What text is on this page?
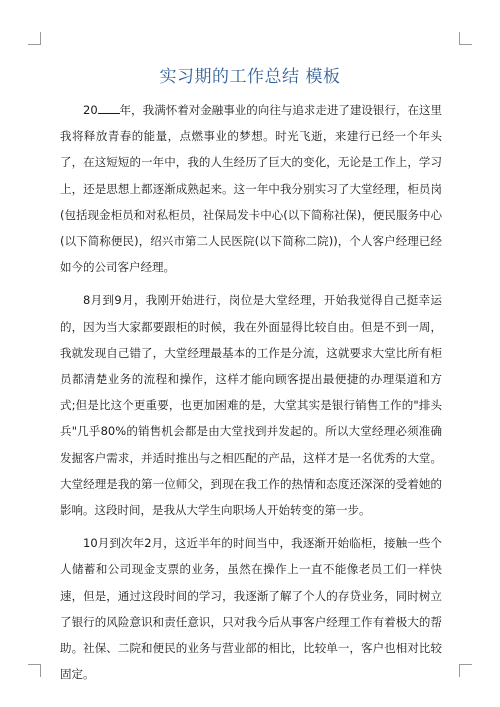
实习期的工作总结 模板

20 年，我满怀着对金融事业的向往与追求走进了建设银行，在这里我将释放青春的能量，点燃事业的梦想。时光飞逝，来建行已经一个年头了，在这短短的一年中，我的人生经历了巨大的变化，无论是工作上，学习上，还是思想上都逐渐成熟起来。这一年中我分别实习了大堂经理，柜员岗(包括现金柜员和对私柜员，社保局发卡中心(以下简称社保)，便民服务中心(以下简称便民)，绍兴市第二人民医院(以下简称二院))，个人客户经理已经如今的公司客户经理。

8月到9月，我刚开始进行，岗位是大堂经理，开始我觉得自己挺幸运的，因为当大家都要跟柜的时候，我在外面显得比较自由。但是不到一周，我就发现自己错了，大堂经理最基本的工作是分流，这就要求大堂比所有柜员都清楚业务的流程和操作，这样才能向顾客提出最便捷的办理渠道和方式;但是比这个更重要，也更加困难的是，大堂其实是银行销售工作的"排头兵"几乎80%的销售机会都是由大堂找到并发起的。所以大堂经理必须准确发掘客户需求，并适时推出与之相匹配的产品，这样才是一名优秀的大堂。大堂经理是我的第一位师父，到现在我工作的热情和态度还深深的受着她的影响。这段时间，是我从大学生向职场人开始转变的第一步。

10月到次年2月，这近半年的时间当中，我逐渐开始临柜，接触一些个人储蓄和公司现金支票的业务，虽然在操作上一直不能像老员工们一样快速，但是，通过这段时间的学习，我逐渐了解了个人的存贷业务，同时树立了银行的风险意识和责任意识，只对我今后从事客户经理工作有着极大的帮助。社保、二院和便民的业务与营业部的相比，比较单一，客户也相对比较固定。
